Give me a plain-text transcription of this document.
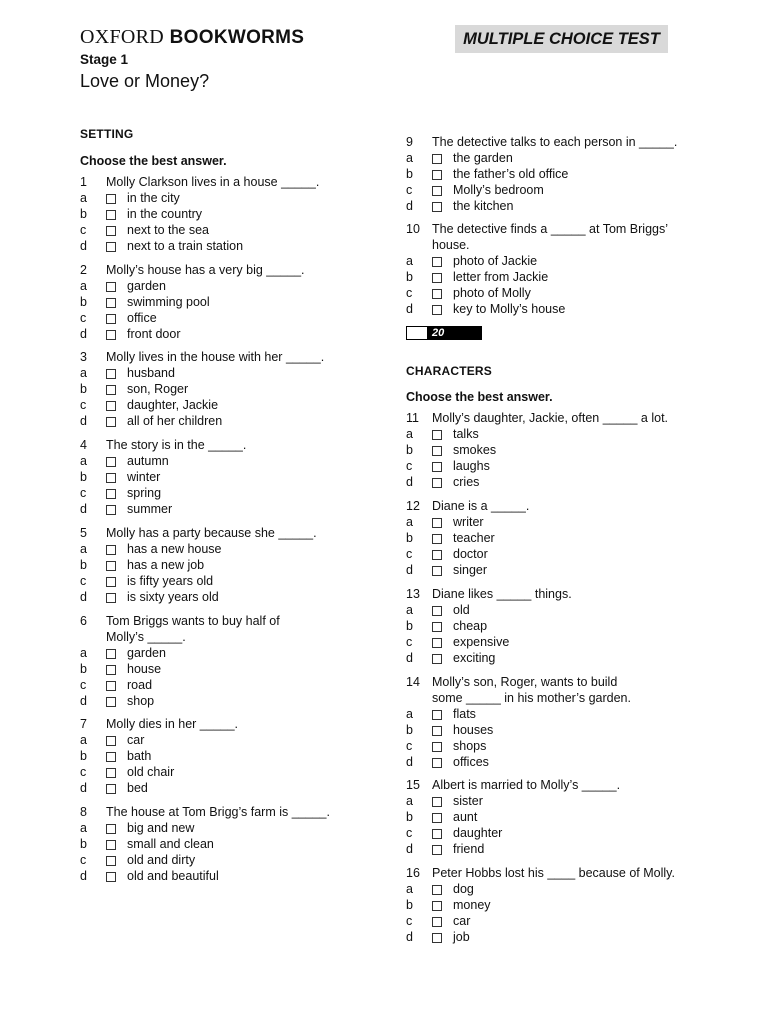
OXFORD BOOKWORMS	MULTIPLE CHOICE TEST
Stage 1
Love or Money?
SETTING
Choose the best answer.
CHARACTERS
Choose the best answer.
20 marks
1	Molly Clarkson lives in a house _____.
a	in the city
b	in the country
c	next to the sea
d	next to a train station
2	Molly’s house has a very big _____.
a	garden
b	swimming pool
c	office
d	front door
3	Molly lives in the house with her _____.
a	husband
b	son, Roger
c	daughter, Jackie
d	all of her children
4	The story is in the _____.
a	autumn
b	winter
c	spring
d	summer
5	Molly has a party because she _____.
a	has a new house
b	has a new job
c	is fifty years old
d	is sixty years old
6	Tom Briggs wants to buy half of
Molly’s _____.
a	garden
b	house
c	road
d	shop
7	Molly dies in her _____.
a	car
b	bath
c	old chair
d	bed
8	The house at Tom Brigg’s farm is _____.
a	big and new
b	small and clean
c	old and dirty
d	old and beautiful
9	The detective talks to each person in _____.
a	the garden
b	the father’s old office
c	Molly’s bedroom
d	the kitchen
10 The detective finds a _____ at Tom Briggs’
house.
a	photo of Jackie
b	letter from Jackie
c	photo of Molly
d	key to Molly’s house
11	Molly’s daughter, Jackie, often _____ a lot.
a	talks
b	smokes
c	laughs
d	cries
12 Diane is a _____.
a	writer
b	teacher
c	doctor
d	singer
13 Diane likes _____ things.
a	old
b	cheap
c	expensive
d	exciting
14 Molly’s son, Roger, wants to build
some _____ in his mother’s garden.
a	flats
b	houses
c	shops
d	offices
15 Albert is married to Molly’s _____.
a	sister
b	aunt
c	daughter
d	friend
16 Peter Hobbs lost his ____ because of Molly.
a	dog
b	money
c	car
d	job
